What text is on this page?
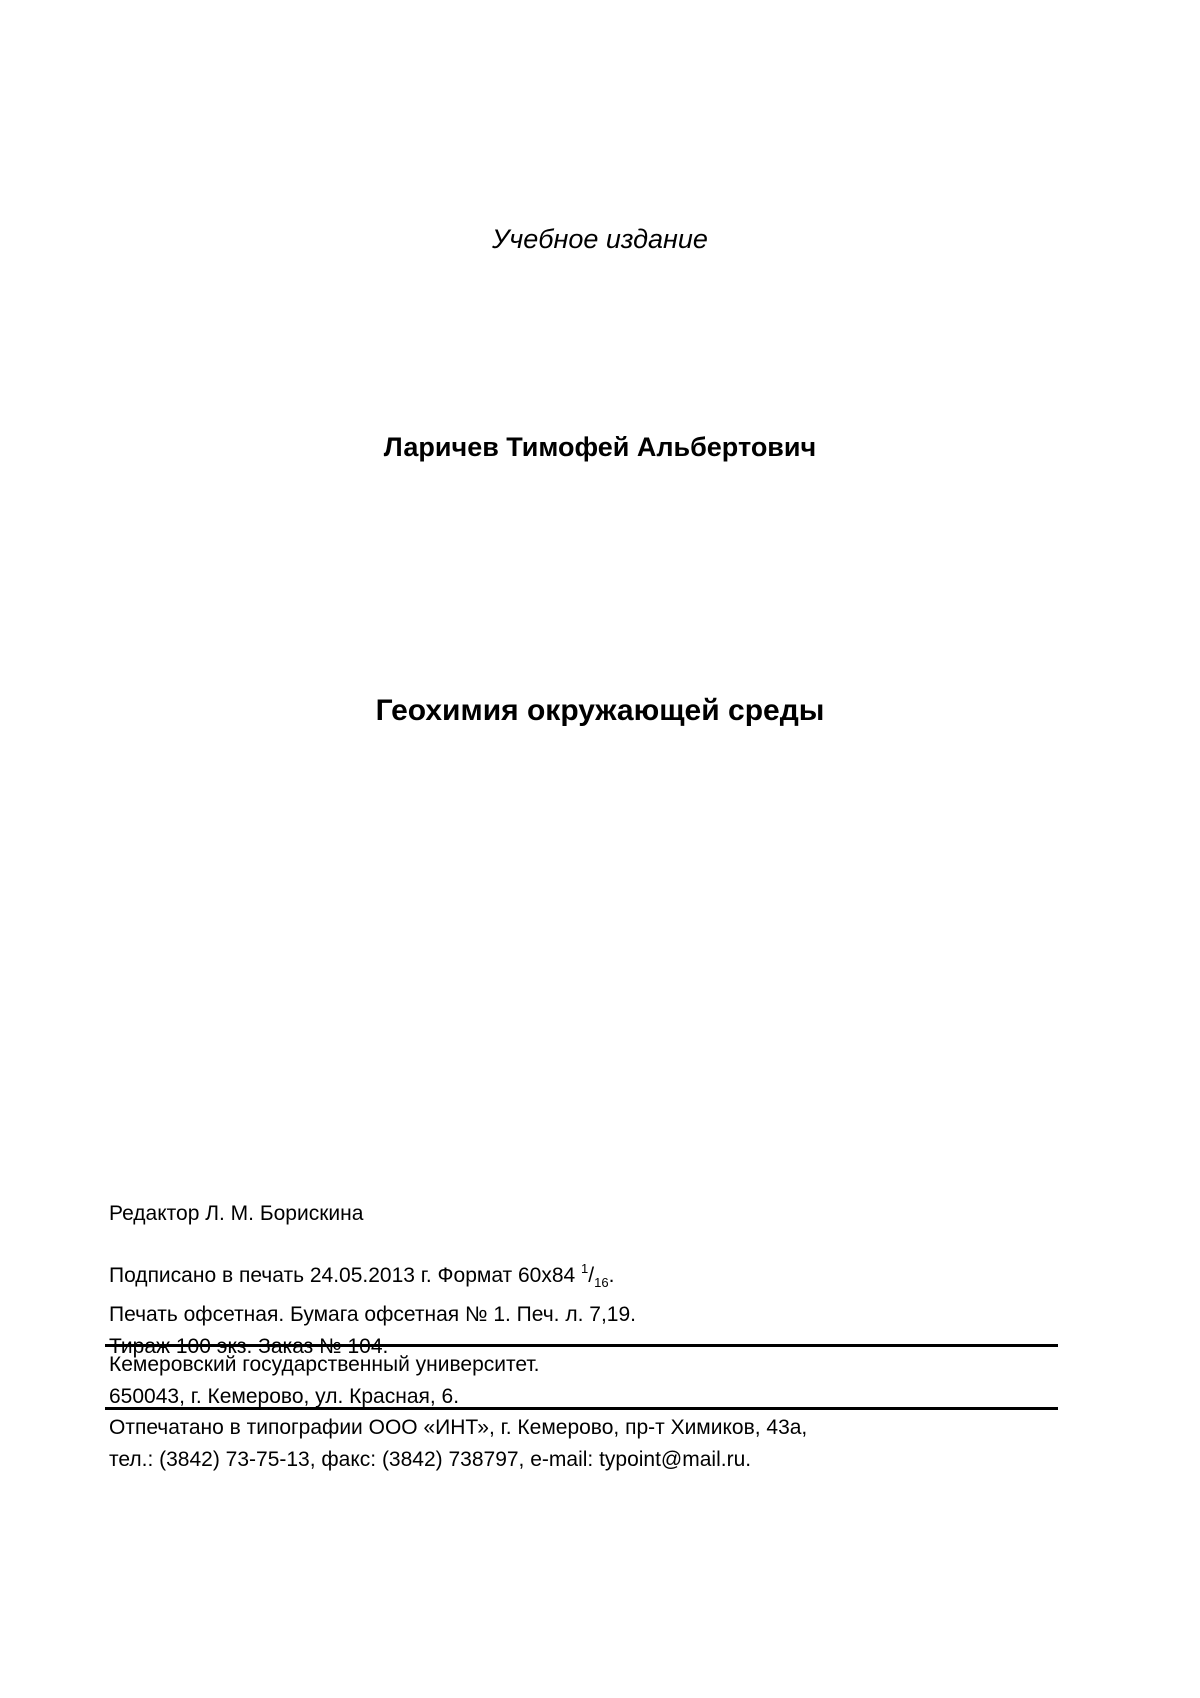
Учебное издание
Ларичев Тимофей Альбертович
Геохимия окружающей среды
Редактор Л. М. Борискина
Подписано в печать 24.05.2013 г. Формат 60х84 $^1/_{16}$.
Печать офсетная. Бумага офсетная № 1. Печ. л. 7,19.
Тираж 100 экз. Заказ № 104.
Кемеровский государственный университет.
650043, г. Кемерово, ул. Красная, 6.
Отпечатано в типографии ООО «ИНТ», г. Кемерово, пр-т Химиков, 43а,
тел.: (3842) 73-75-13, факс: (3842) 738797, e-mail: typoint@mail.ru.
